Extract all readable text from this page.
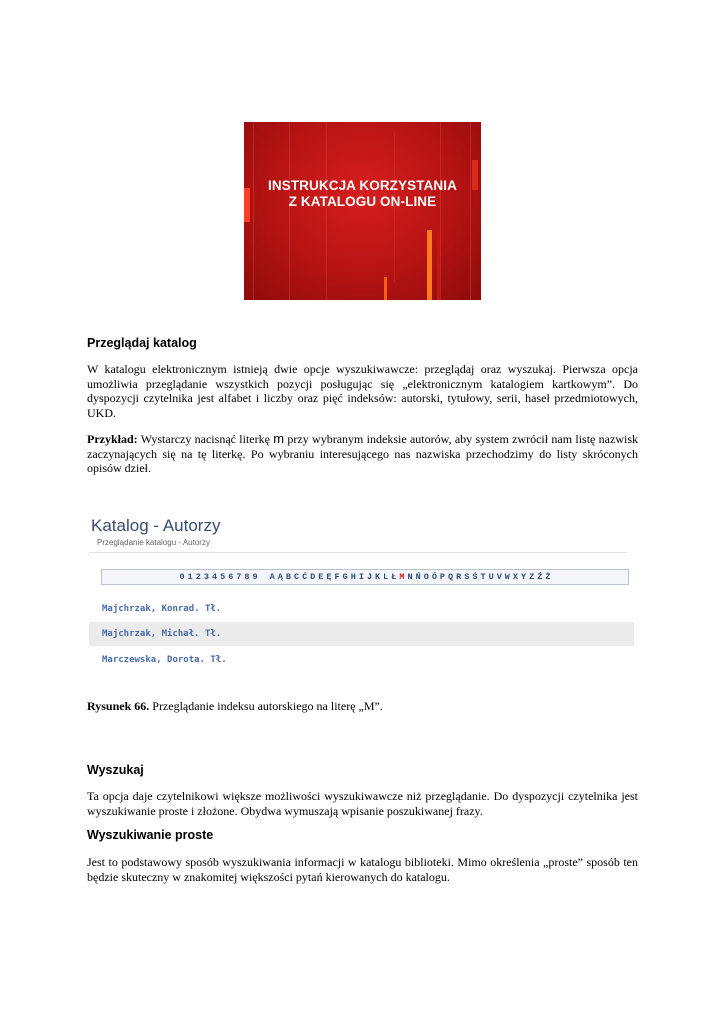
INSTRUKCJA KORZYSTANIA
Z KATALOGU ON-LINE
Przeglądaj katalog
W katalogu elektronicznym istnieją dwie opcje wyszukiwawcze: przeglądaj oraz wyszukaj. Pierwsza opcja umożliwia przeglądanie wszystkich pozycji posługując się „elektronicznym katalogiem kartkowym”. Do dyspozycji czytelnika jest alfabet i liczby oraz pięć indeksów: autorski, tytułowy, serii, haseł przedmiotowych, UKD.
Przykład: Wystarczy nacisnąć literkę m przy wybranym indeksie autorów, aby system zwrócił nam listę nazwisk zaczynających się na tę literkę. Po wybraniu interesującego nas nazwiska przechodzimy do listy skróconych opisów dzieł.
Katalog - Autorzy
Przeglądanie katalogu - Autorzy
0 1 2 3 4 5 6 7 8 9 A Ą B C Ć D E Ę F G H I J K L Ł M N Ń O Ó P Q R S Ś T U V W X Y Z Ź Ż
Majchrzak, Konrad. Tł.
Majchrzak, Michał. Tł.
Marczewska, Dorota. Tł.
Rysunek 66. Przeglądanie indeksu autorskiego na literę „M”.
Wyszukaj
Ta opcja daje czytelnikowi większe możliwości wyszukiwawcze niż przeglądanie. Do dyspozycji czytelnika jest wyszukiwanie proste i złożone. Obydwa wymuszają wpisanie poszukiwanej frazy.
Wyszukiwanie proste
Jest to podstawowy sposób wyszukiwania informacji w katalogu biblioteki. Mimo określenia „proste” sposób ten będzie skuteczny w znakomitej większości pytań kierowanych do katalogu.
